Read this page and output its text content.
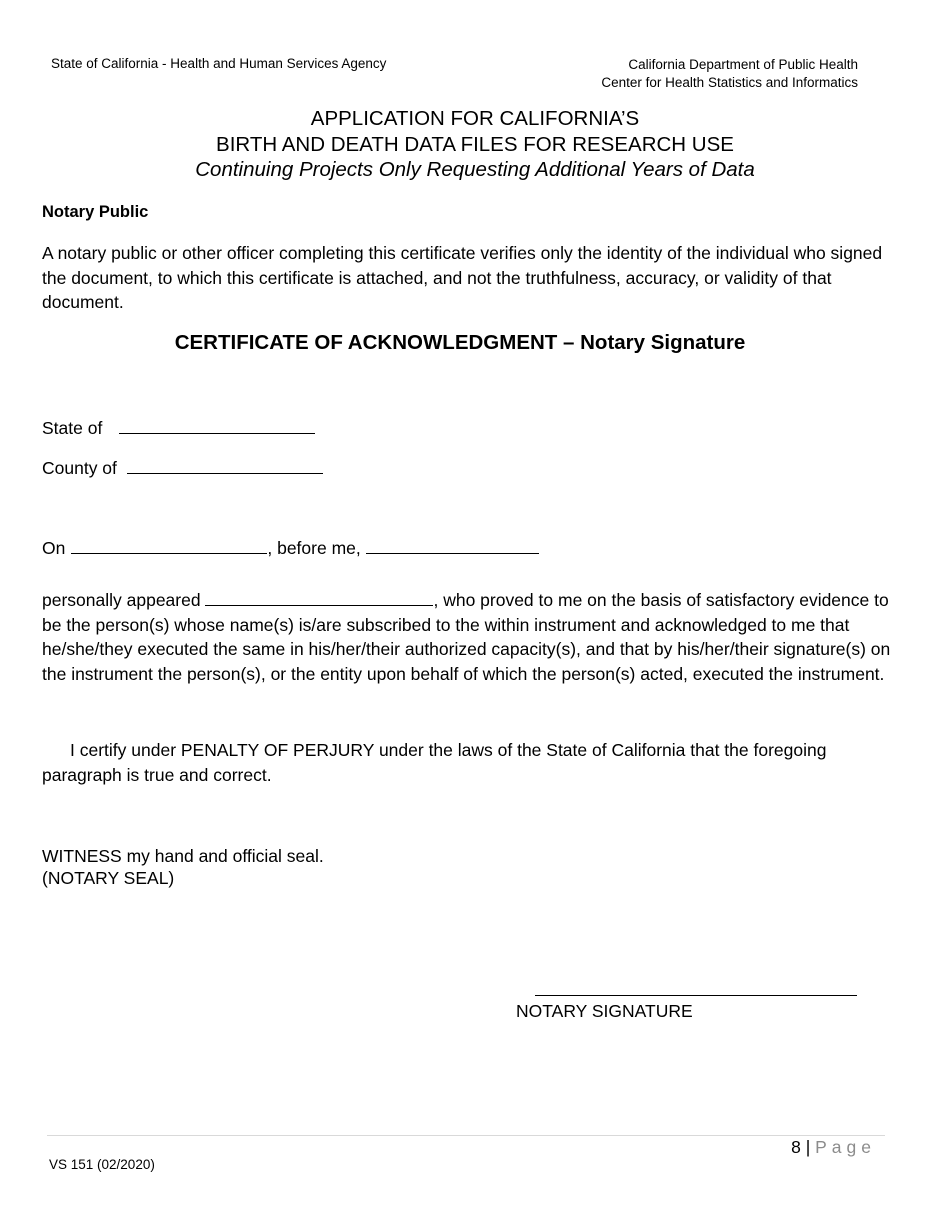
State of California - Health and Human Services Agency	California Department of Public Health
Center for Health Statistics and Informatics
APPLICATION FOR CALIFORNIA’S
BIRTH AND DEATH DATA FILES FOR RESEARCH USE
Continuing Projects Only Requesting Additional Years of Data
Notary Public
A notary public or other officer completing this certificate verifies only the identity of the individual who signed the document, to which this certificate is attached, and not the truthfulness, accuracy, or validity of that document.
CERTIFICATE OF ACKNOWLEDGMENT – Notary Signature
State of
County of
On	, before me,
personally appeared	, who proved to me on the basis of satisfactory evidence to be the person(s) whose name(s) is/are subscribed to the within instrument and acknowledged to me that he/she/they executed the same in his/her/their authorized capacity(s), and that by his/her/their signature(s) on the instrument the person(s), or the entity upon behalf of which the person(s) acted, executed the instrument.
I certify under PENALTY OF PERJURY under the laws of the State of California that the foregoing paragraph is true and correct.
WITNESS my hand and official seal.
(NOTARY SEAL)
NOTARY SIGNATURE
8 | Page
VS 151 (02/2020)
